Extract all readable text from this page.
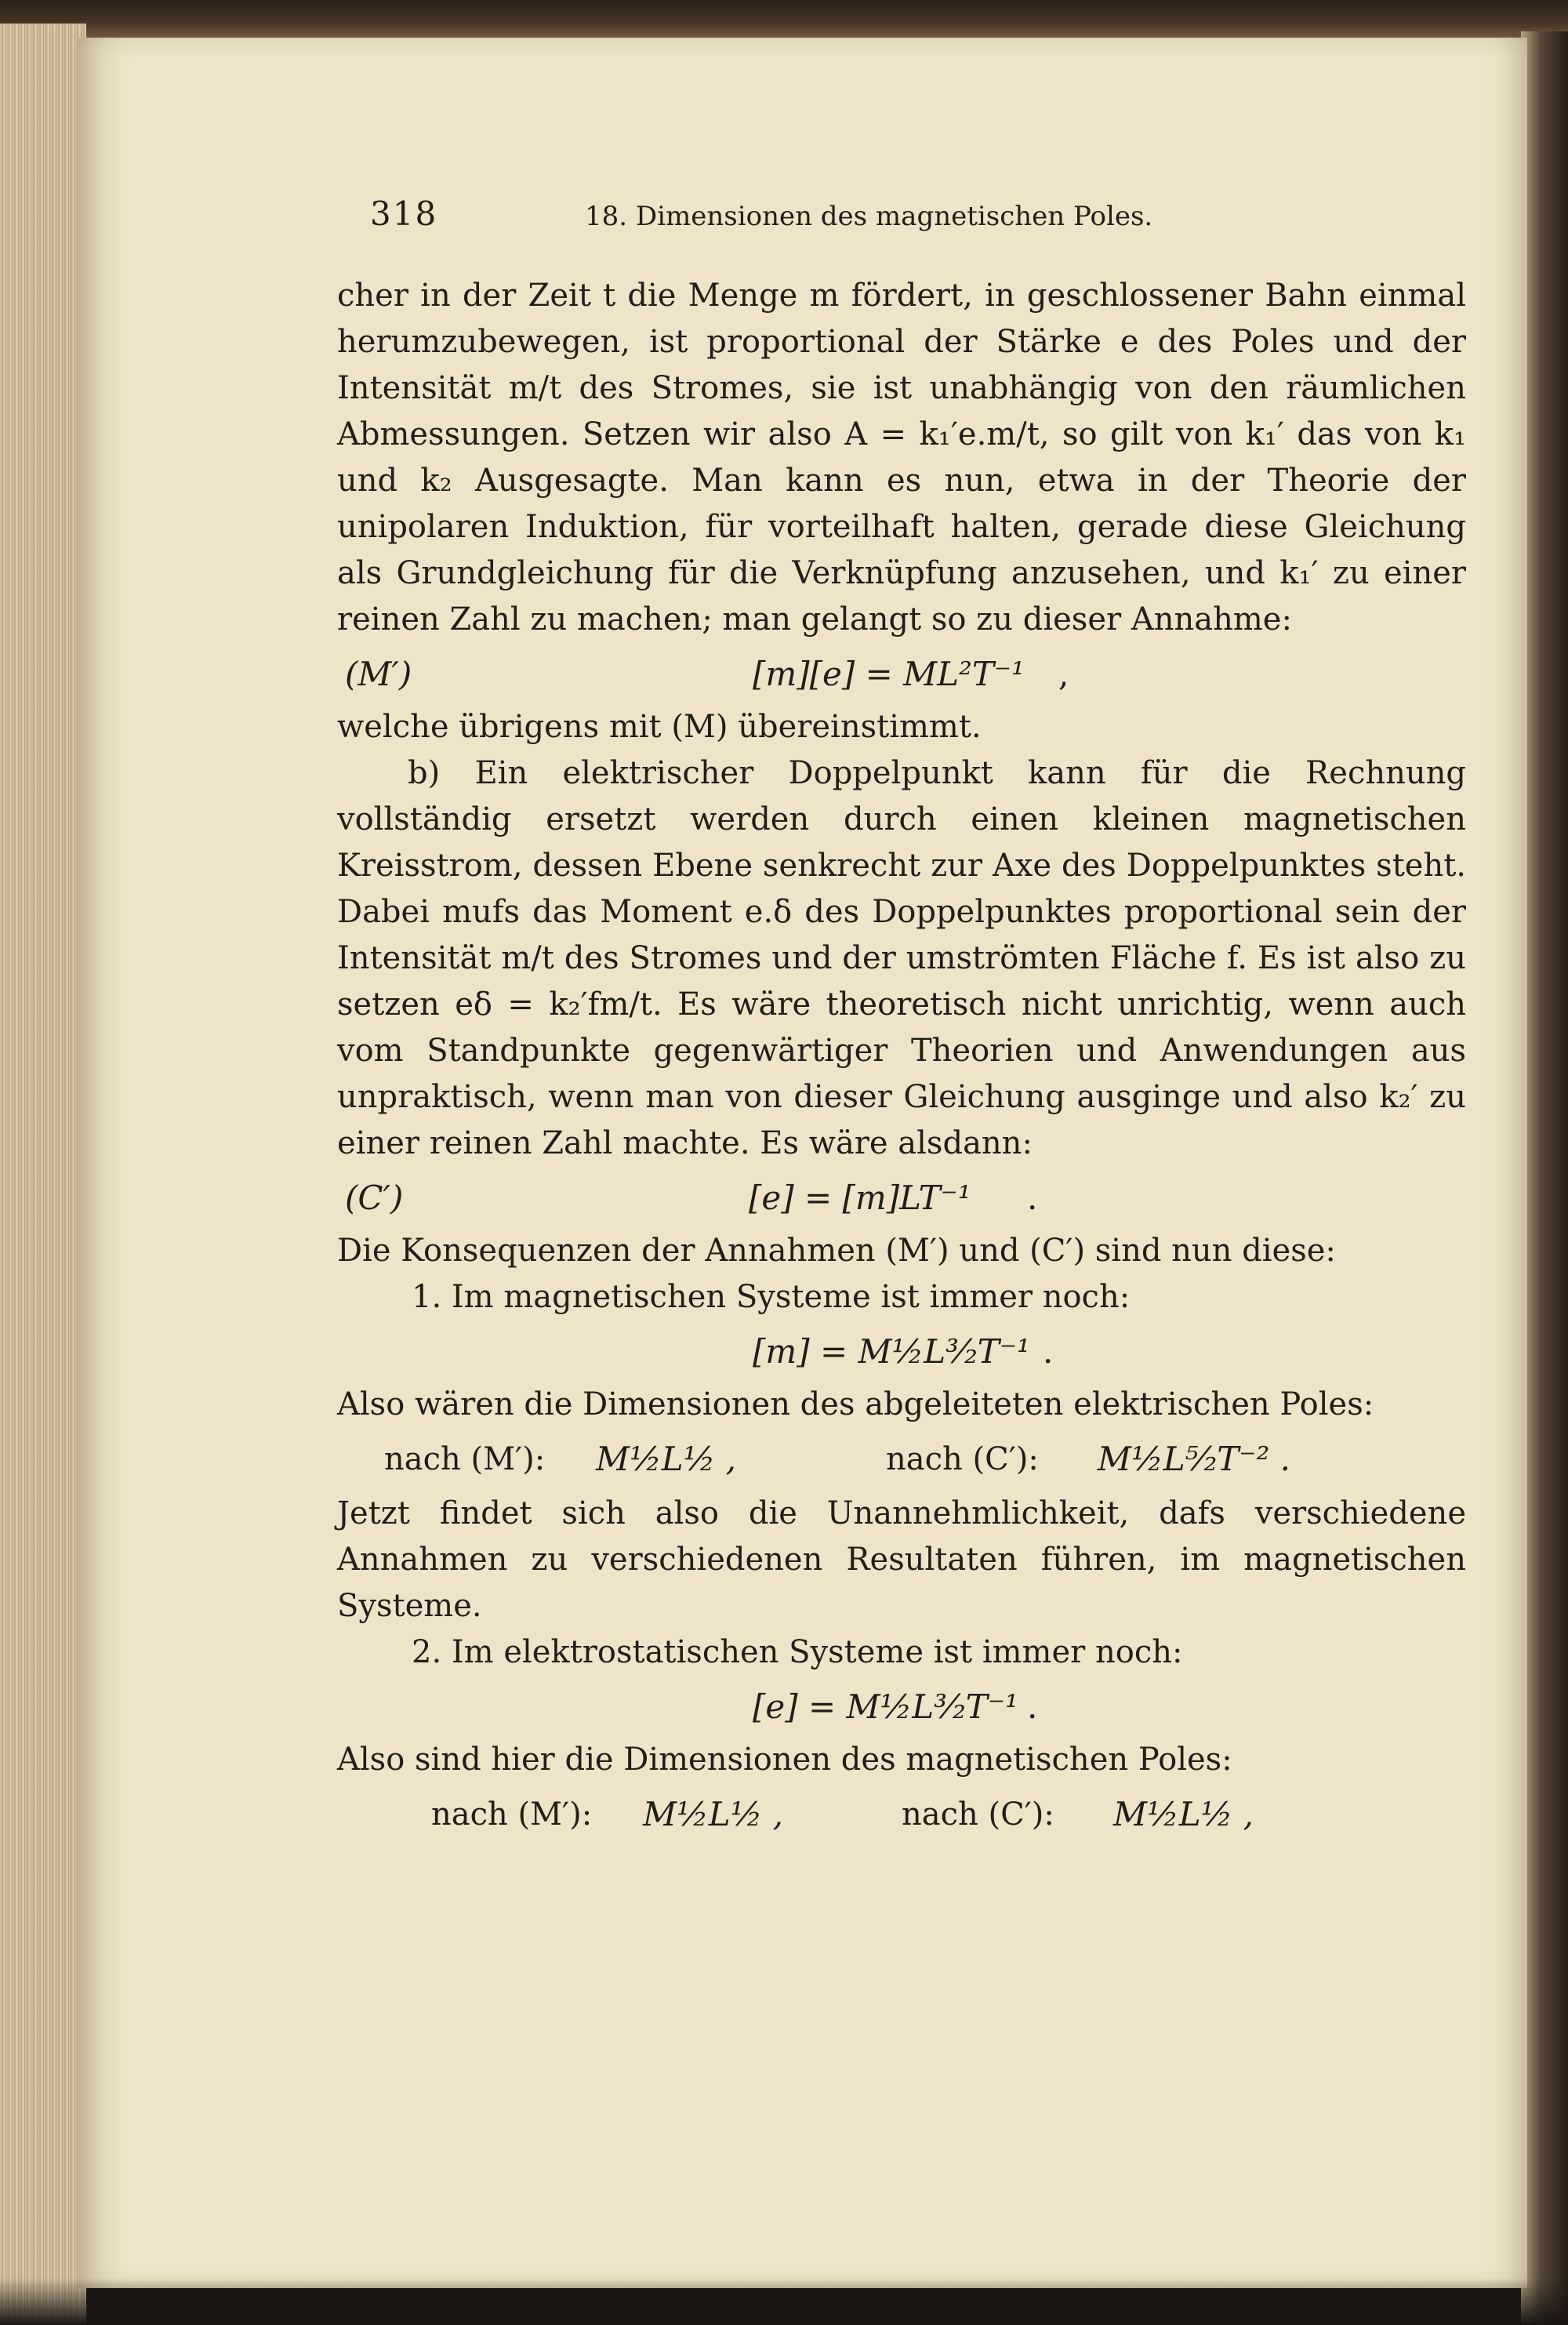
318	18. Dimensionen des magnetischen Poles.

cher in der Zeit t die Menge m fördert, in geschlossener Bahn einmal herumzubewegen, ist proportional der Stärke e des Poles und der Intensität m/t des Stromes, sie ist unabhängig von den räumlichen Abmessungen. Setzen wir also A = k₁′e.m/t, so gilt von k₁′ das von k₁ und k₂ Ausgesagte. Man kann es nun, etwa in der Theorie der unipolaren Induktion, für vorteilhaft halten, gerade diese Gleichung als Grundgleichung für die Verknüpfung anzusehen, und k₁′ zu einer reinen Zahl zu machen; man gelangt so zu dieser Annahme:

(M′)	[m][e] = ML²T⁻¹ ,

welche übrigens mit (M) übereinstimmt.

b) Ein elektrischer Doppelpunkt kann für die Rechnung vollständig ersetzt werden durch einen kleinen magnetischen Kreisstrom, dessen Ebene senkrecht zur Axe des Doppelpunktes steht. Dabei mufs das Moment e.δ des Doppelpunktes proportional sein der Intensität m/t des Stromes und der umströmten Fläche f. Es ist also zu setzen eδ = k₂′fm/t. Es wäre theoretisch nicht unrichtig, wenn auch vom Standpunkte gegenwärtiger Theorien und Anwendungen aus unpraktisch, wenn man von dieser Gleichung ausginge und also k₂′ zu einer reinen Zahl machte. Es wäre alsdann:

(C′)	[e] = [m]LT⁻¹ .

Die Konsequenzen der Annahmen (M′) und (C′) sind nun diese:

1. Im magnetischen Systeme ist immer noch:

[m] = M½L³⁄₂T⁻¹ .

Also wären die Dimensionen des abgeleiteten elektrischen Poles:

nach (M′): M½L½ ,	nach (C′): M½L⁵⁄₂T⁻² .

Jetzt findet sich also die Unannehmlichkeit, dafs verschiedene Annahmen zu verschiedenen Resultaten führen, im magnetischen Systeme.

2. Im elektrostatischen Systeme ist immer noch:

[e] = M½L³⁄₂T⁻¹ .

Also sind hier die Dimensionen des magnetischen Poles:

nach (M′): M½L½ ,	nach (C′): M½L½ ,
